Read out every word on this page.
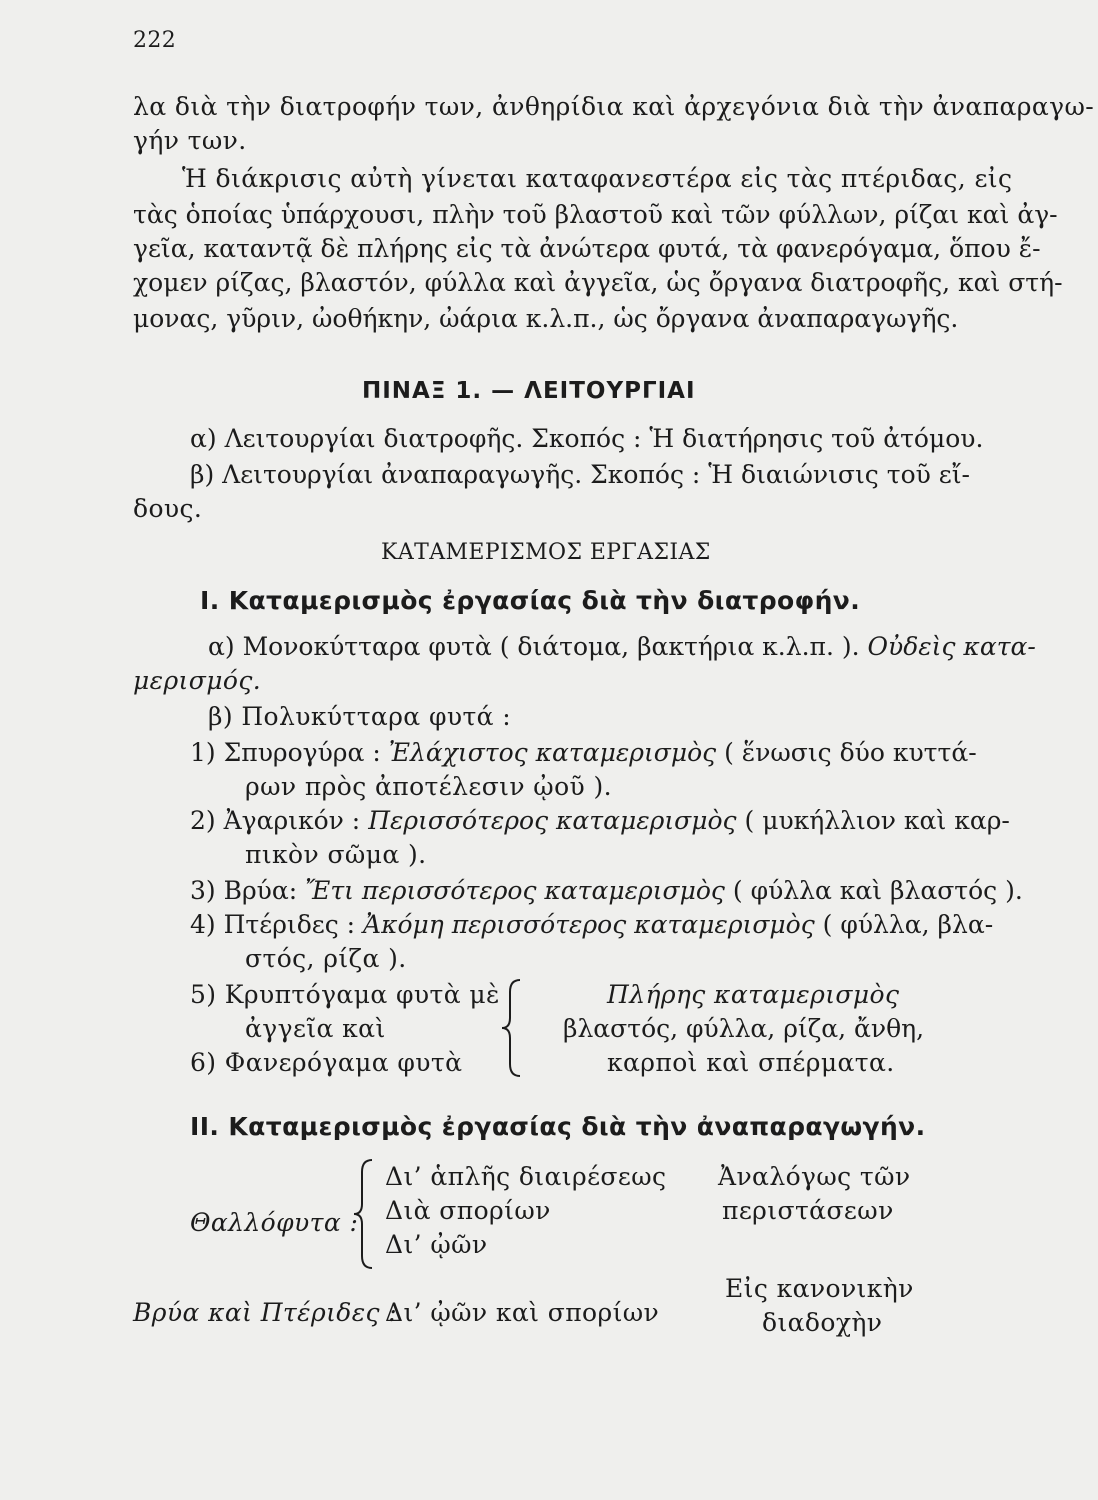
222
λα διὰ τὴν διατροφήν των, ἀνθηρίδια καὶ ἀρχεγόνια διὰ τὴν ἀναπαραγω-
γήν των.
Ἡ διάκρισις αὐτὴ γίνεται καταφανεστέρα εἰς τὰς πτέριδας, εἰς
τὰς ὁποίας ὑπάρχουσι, πλὴν τοῦ βλαστοῦ καὶ τῶν φύλλων, ρίζαι καὶ ἀγ-
γεῖα, καταντᾷ δὲ πλήρης εἰς τὰ ἀνώτερα φυτά, τὰ φανερόγαμα, ὅπου ἔ-
χομεν ρίζας, βλαστόν, φύλλα καὶ ἀγγεῖα, ὡς ὄργανα διατροφῆς, καὶ στή-
μονας, γῦριν, ὠοθήκην, ὠάρια κ.λ.π., ὡς ὄργανα ἀναπαραγωγῆς.
ΠΙΝΑΞ 1. — ΛΕΙΤΟΥΡΓΙΑΙ
α) Λειτουργίαι διατροφῆς. Σκοπός : Ἡ διατήρησις τοῦ ἀτόμου.
β) Λειτουργίαι ἀναπαραγωγῆς. Σκοπός : Ἡ διαιώνισις τοῦ εἴ-
δους.
ΚΑΤΑΜΕΡΙΣΜΟΣ ΕΡΓΑΣΙΑΣ
I. Καταμερισμὸς ἐργασίας διὰ τὴν διατροφήν.
α) Μονοκύτταρα φυτὰ ( διάτομα, βακτήρια κ.λ.π. ). Οὐδεὶς κατα-
μερισμός.
β) Πολυκύτταρα φυτά :
1) Σπυρογύρα : Ἐλάχιστος καταμερισμὸς ( ἕνωσις δύο κυττά-
ρων πρὸς ἀποτέλεσιν ᾠοῦ ).
2) Ἀγαρικόν : Περισσότερος καταμερισμὸς ( μυκήλλιον καὶ καρ-
πικὸν σῶμα ).
3) Βρύα: Ἔτι περισσότερος καταμερισμὸς ( φύλλα καὶ βλαστός ).
4) Πτέριδες : Ἀκόμη περισσότερος καταμερισμὸς ( φύλλα, βλα-
στός, ρίζα ).
5) Κρυπτόγαμα φυτὰ μὲ
ἀγγεῖα καὶ
6) Φανερόγαμα φυτὰ
Πλήρης καταμερισμὸς
βλαστός, φύλλα, ρίζα, ἄνθη,
καρποὶ καὶ σπέρματα.
II. Καταμερισμὸς ἐργασίας διὰ τὴν ἀναπαραγωγήν.
Θαλλόφυτα :
Δι’ ἁπλῆς διαιρέσεως
Διὰ σπορίων
Δι’ ᾠῶν
Ἀναλόγως τῶν
περιστάσεων
Βρύα καὶ Πτέριδες :
Δι’ ᾠῶν καὶ σπορίων
Εἰς κανονικὴν
διαδοχὴν
